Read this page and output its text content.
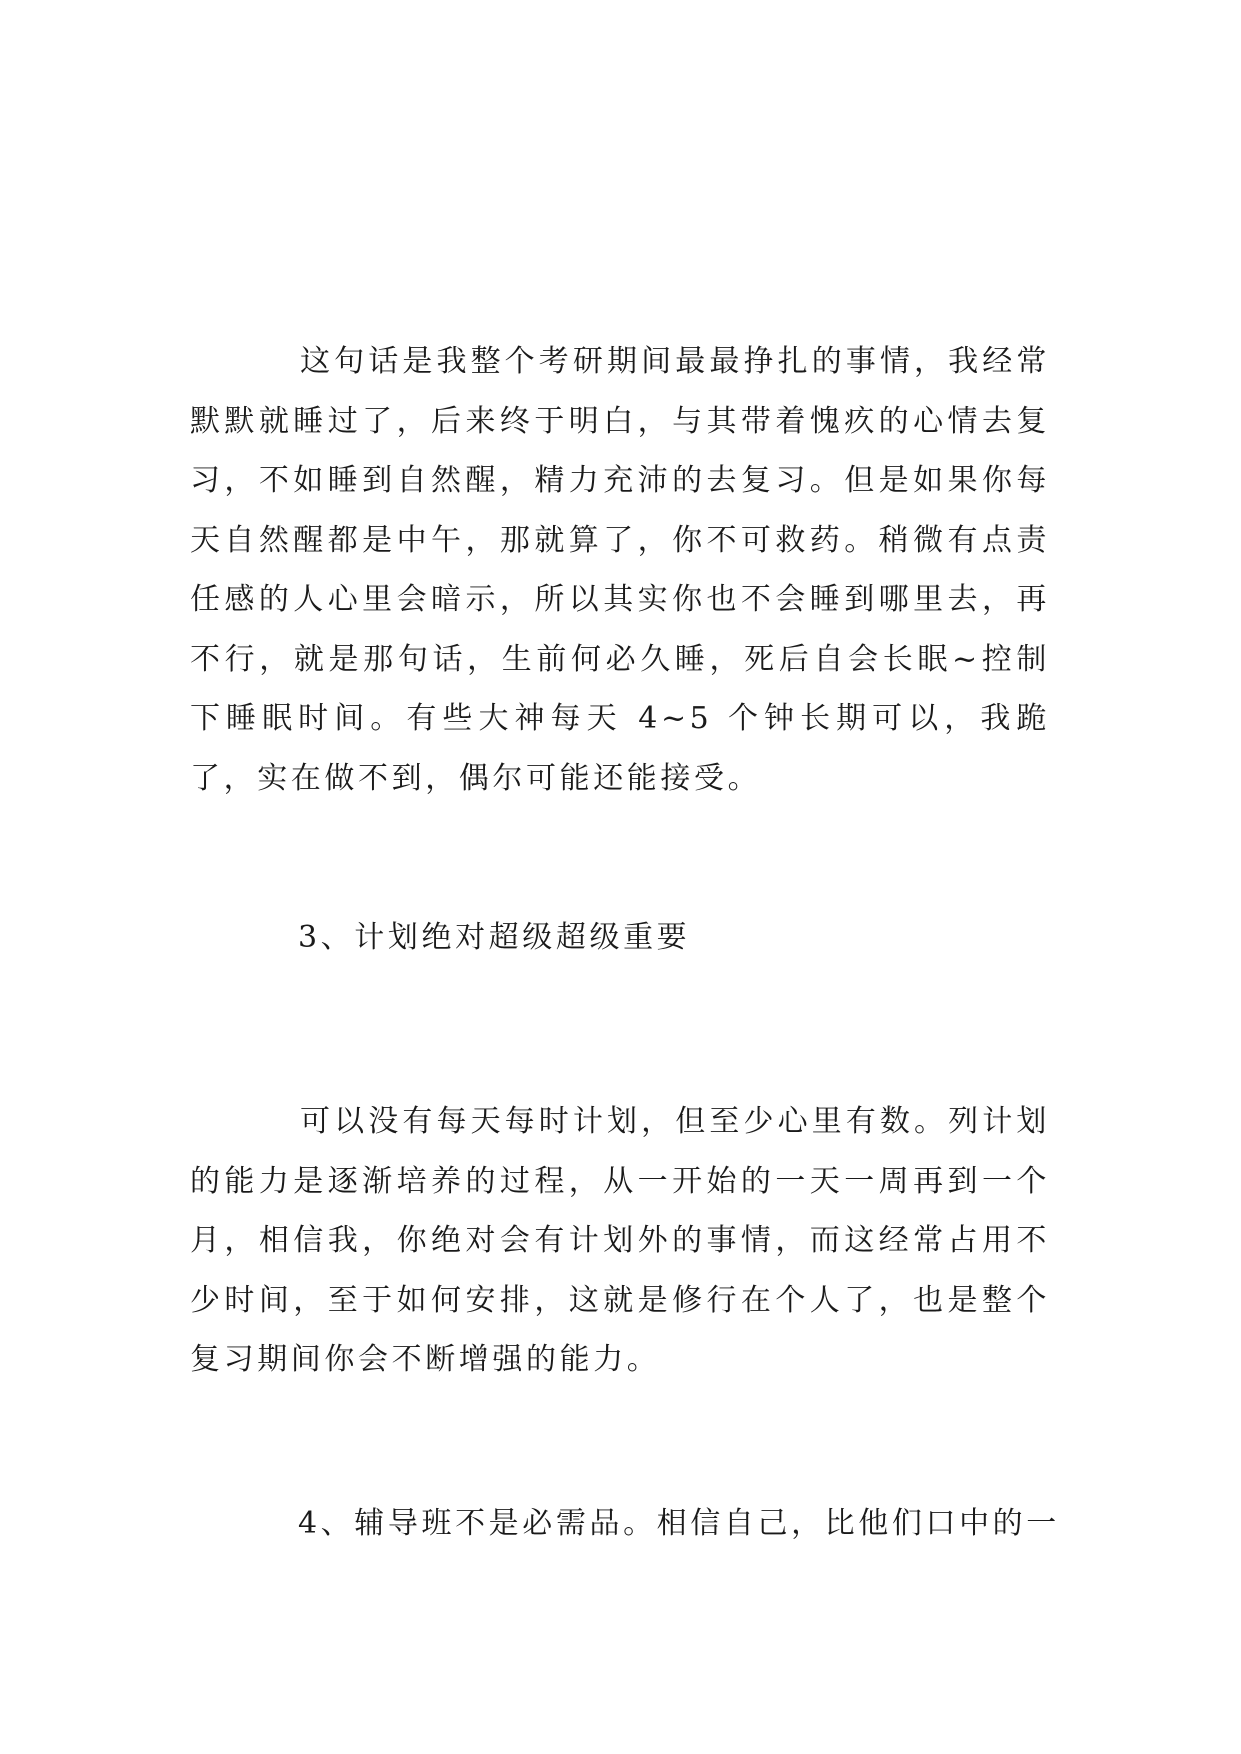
这句话是我整个考研期间最最挣扎的事情，我经常默默就睡过了，后来终于明白，与其带着愧疚的心情去复习，不如睡到自然醒，精力充沛的去复习。但是如果你每天自然醒都是中午，那就算了，你不可救药。稍微有点责任感的人心里会暗示，所以其实你也不会睡到哪里去，再不行，就是那句话，生前何必久睡，死后自会长眠~控制下睡眠时间。有些大神每天 4~5 个钟长期可以，我跪了，实在做不到，偶尔可能还能接受。

3、计划绝对超级超级重要

可以没有每天每时计划，但至少心里有数。列计划的能力是逐渐培养的过程，从一开始的一天一周再到一个月，相信我，你绝对会有计划外的事情，而这经常占用不少时间，至于如何安排，这就是修行在个人了，也是整个复习期间你会不断增强的能力。

4、辅导班不是必需品。相信自己，比他们口中的一
